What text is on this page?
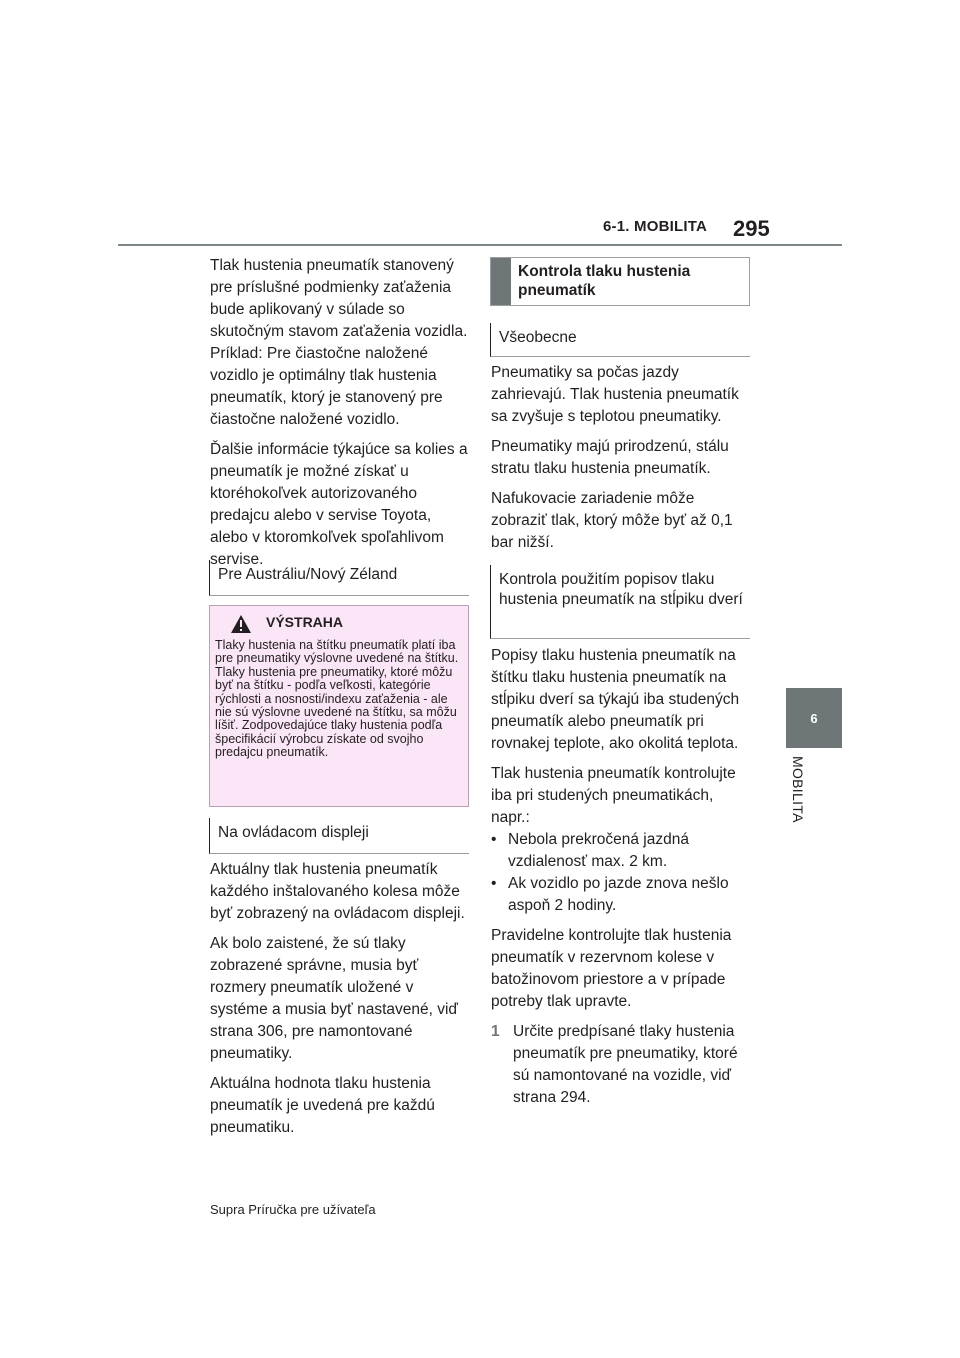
6-1. MOBILITA 295
6
MOBILITA

Tlak hustenia pneumatík stanovený pre príslušné podmienky zaťaženia bude aplikovaný v súlade so skutočným stavom zaťaženia vozidla. Príklad: Pre čiastočne naložené vozidlo je optimálny tlak hustenia pneumatík, ktorý je stanovený pre čiastočne naložené vozidlo.

Ďalšie informácie týkajúce sa kolies a pneumatík je možné získať u ktoréhokoľvek autorizovaného predajcu alebo v servise Toyota, alebo v ktoromkoľvek spoľahlivom servise.

Pre Austráliu/Nový Zéland
VÝSTRAHA
Tlaky hustenia na štítku pneumatík platí iba pre pneumatiky výslovne uvedené na štítku. Tlaky hustenia pre pneumatiky, ktoré môžu byť na štítku - podľa veľkosti, kategórie rýchlosti a nosnosti/indexu zaťaženia - ale nie sú výslovne uvedené na štítku, sa môžu líšiť. Zodpovedajúce tlaky hustenia podľa špecifikácií výrobcu získate od svojho predajcu pneumatík.
Na ovládacom displeji

Aktuálny tlak hustenia pneumatík každého inštalovaného kolesa môže byť zobrazený na ovládacom displeji.

Ak bolo zaistené, že sú tlaky zobrazené správne, musia byť rozmery pneumatík uložené v systéme a musia byť nastavené, viď strana 306, pre namontované pneumatiky.

Aktuálna hodnota tlaku hustenia pneumatík je uvedená pre každú pneumatiku.

Kontrola tlaku hustenia pneumatík
Všeobecne

Pneumatiky sa počas jazdy zahrievajú. Tlak hustenia pneumatík sa zvyšuje s teplotou pneumatiky.

Pneumatiky majú prirodzenú, stálu stratu tlaku hustenia pneumatík.

Nafukovacie zariadenie môže zobraziť tlak, ktorý môže byť až 0,1 bar nižší.

Kontrola použitím popisov tlaku hustenia pneumatík na stĺpiku dverí

Popisy tlaku hustenia pneumatík na štítku tlaku hustenia pneumatík na stĺpiku dverí sa týkajú iba studených pneumatík alebo pneumatík pri rovnakej teplote, ako okolitá teplota.

Tlak hustenia pneumatík kontrolujte iba pri studených pneumatikách, napr.:

• Nebola prekročená jazdná vzdialenosť max. 2 km.
• Ak vozidlo po jazde znova nešlo aspoň 2 hodiny.

Pravidelne kontrolujte tlak hustenia pneumatík v rezervnom kolese v batožinovom priestore a v prípade potreby tlak upravte.

1 Určite predpísané tlaky hustenia pneumatík pre pneumatiky, ktoré sú namontované na vozidle, viď strana 294.
Supra Príručka pre užívateľa
